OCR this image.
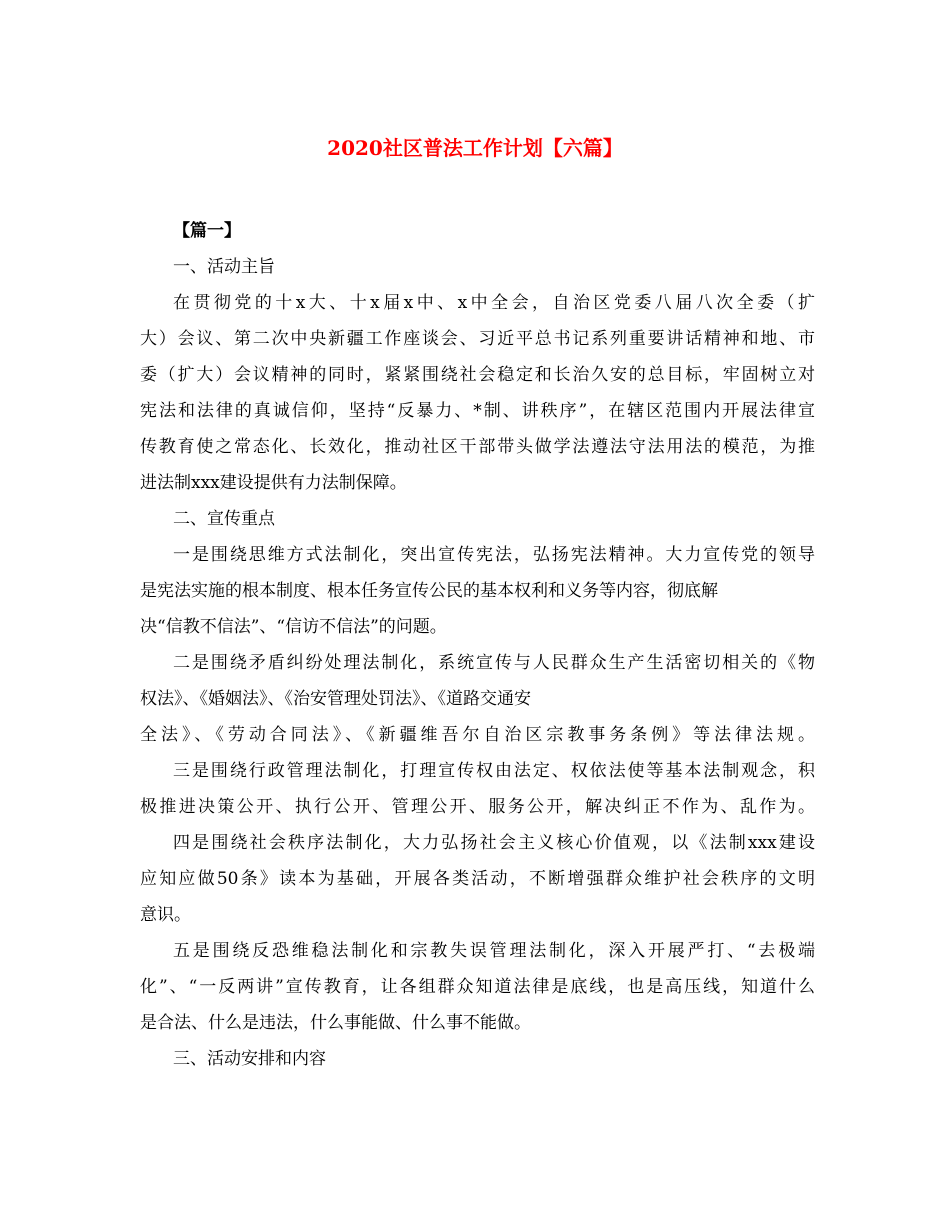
2020社区普法工作计划【六篇】
【篇一】
一、活动主旨
在贯彻党的十x大、十x届x中、x中全会，自治区党委八届八次全委（扩
大）会议、第二次中央新疆工作座谈会、习近平总书记系列重要讲话精神和地、市
委（扩大）会议精神的同时，紧紧围绕社会稳定和长治久安的总目标，牢固树立对
宪法和法律的真诚信仰，坚持“反暴力、*制、讲秩序”，在辖区范围内开展法律宣
传教育使之常态化、长效化，推动社区干部带头做学法遵法守法用法的模范，为推
进法制xxx建设提供有力法制保障。
二、宣传重点
一是围绕思维方式法制化，突出宣传宪法，弘扬宪法精神。大力宣传党的领导
是宪法实施的根本制度、根本任务宣传公民的基本权利和义务等内容，彻底解
决“信教不信法”、“信访不信法”的问题。
二是围绕矛盾纠纷处理法制化，系统宣传与人民群众生产生活密切相关的《物
权法》、《婚姻法》、《治安管理处罚法》、《道路交通安
全法》、《劳动合同法》、《新疆维吾尔自治区宗教事务条例》等法律法规。
三是围绕行政管理法制化，打理宣传权由法定、权依法使等基本法制观念，积
极推进决策公开、执行公开、管理公开、服务公开，解决纠正不作为、乱作为。
四是围绕社会秩序法制化，大力弘扬社会主义核心价值观，以《法制xxx建设
应知应做50条》读本为基础，开展各类活动，不断增强群众维护社会秩序的文明
意识。
五是围绕反恐维稳法制化和宗教失误管理法制化，深入开展严打、“去极端
化”、“一反两讲”宣传教育，让各组群众知道法律是底线，也是高压线，知道什么
是合法、什么是违法，什么事能做、什么事不能做。
三、活动安排和内容
